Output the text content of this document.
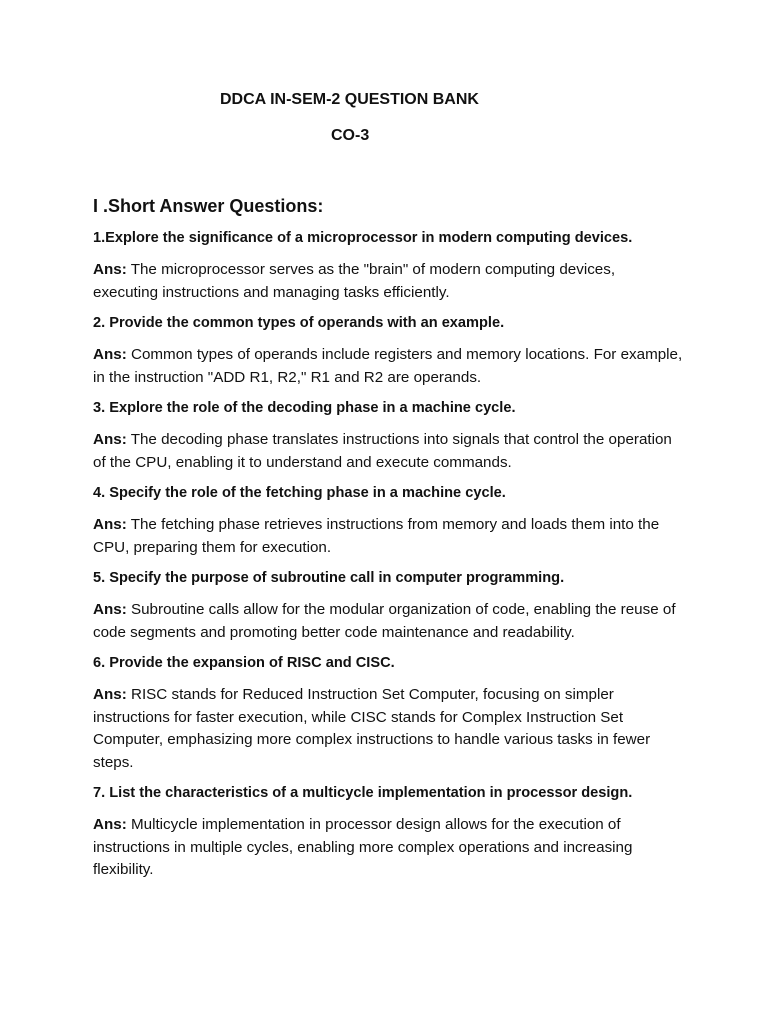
DDCA IN-SEM-2 QUESTION BANK
CO-3
I .Short Answer Questions:
1.Explore the significance of a microprocessor in modern computing devices.
Ans: The microprocessor serves as the "brain" of modern computing devices, executing instructions and managing tasks efficiently.
2. Provide the common types of operands with an example.
Ans: Common types of operands include registers and memory locations. For example, in the instruction "ADD R1, R2," R1 and R2 are operands.
3. Explore the role of the decoding phase in a machine cycle.
Ans: The decoding phase translates instructions into signals that control the operation of the CPU, enabling it to understand and execute commands.
4. Specify the role of the fetching phase in a machine cycle.
Ans: The fetching phase retrieves instructions from memory and loads them into the CPU, preparing them for execution.
5. Specify the purpose of subroutine call in computer programming.
Ans: Subroutine calls allow for the modular organization of code, enabling the reuse of code segments and promoting better code maintenance and readability.
6. Provide the expansion of RISC and CISC.
Ans: RISC stands for Reduced Instruction Set Computer, focusing on simpler instructions for faster execution, while CISC stands for Complex Instruction Set Computer, emphasizing more complex instructions to handle various tasks in fewer steps.
7. List the characteristics of a multicycle implementation in processor design.
Ans: Multicycle implementation in processor design allows for the execution of instructions in multiple cycles, enabling more complex operations and increasing flexibility.
